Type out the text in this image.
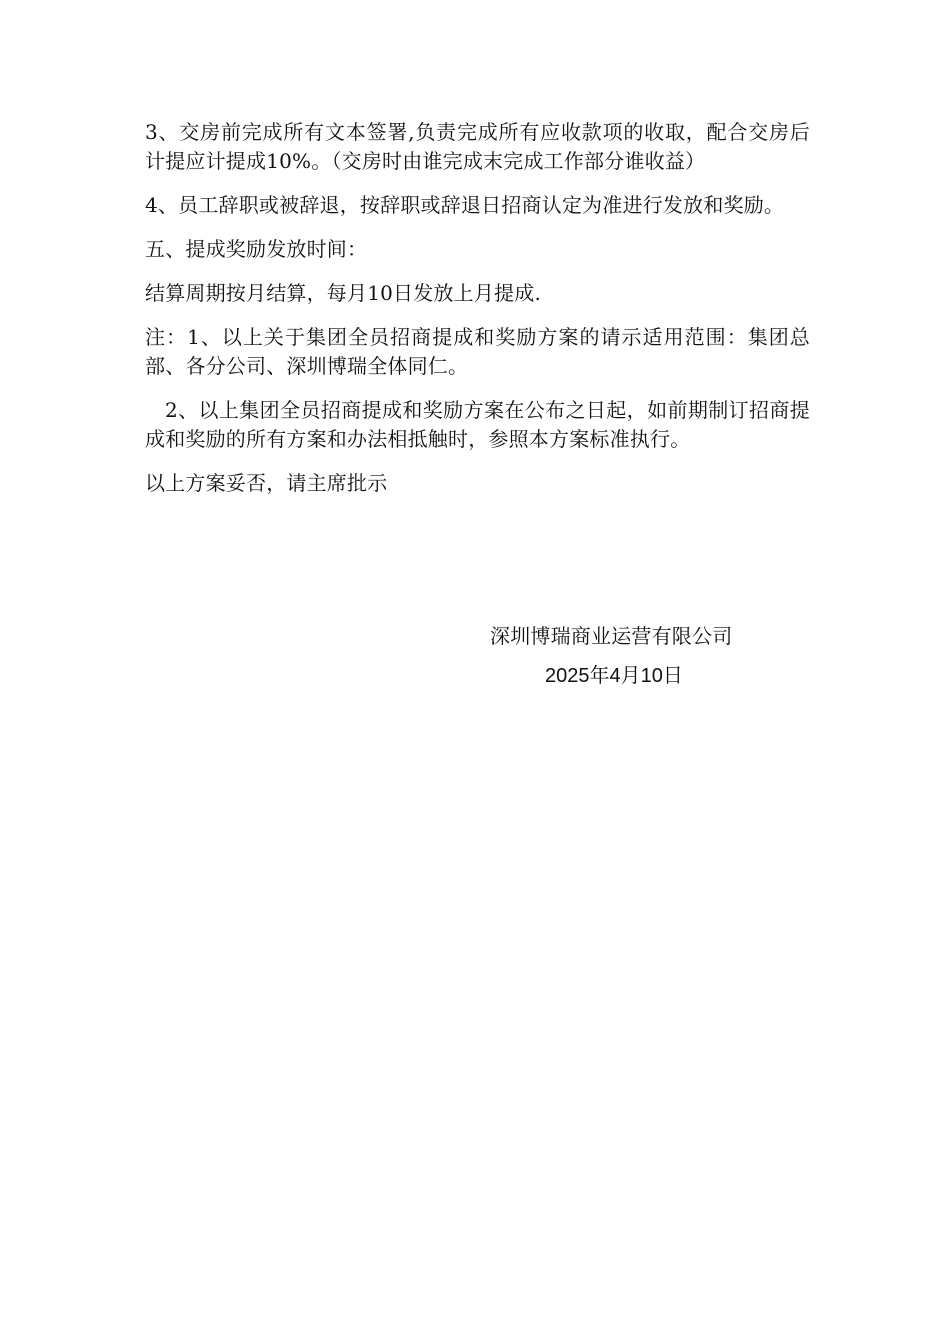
3、交房前完成所有文本签署,负责完成所有应收款项的收取，配合交房后计提应计提成10%。（交房时由谁完成末完成工作部分谁收益）

4、员工辞职或被辞退，按辞职或辞退日招商认定为准进行发放和奖励。

五、提成奖励发放时间：

结算周期按月结算，每月10日发放上月提成.

注：1、以上关于集团全员招商提成和奖励方案的请示适用范围：集团总部、各分公司、深圳博瑞全体同仁。

2、以上集团全员招商提成和奖励方案在公布之日起，如前期制订招商提成和奖励的所有方案和办法相抵触时，参照本方案标准执行。

以上方案妥否，请主席批示

深圳博瑞商业运营有限公司
2025年4月10日
